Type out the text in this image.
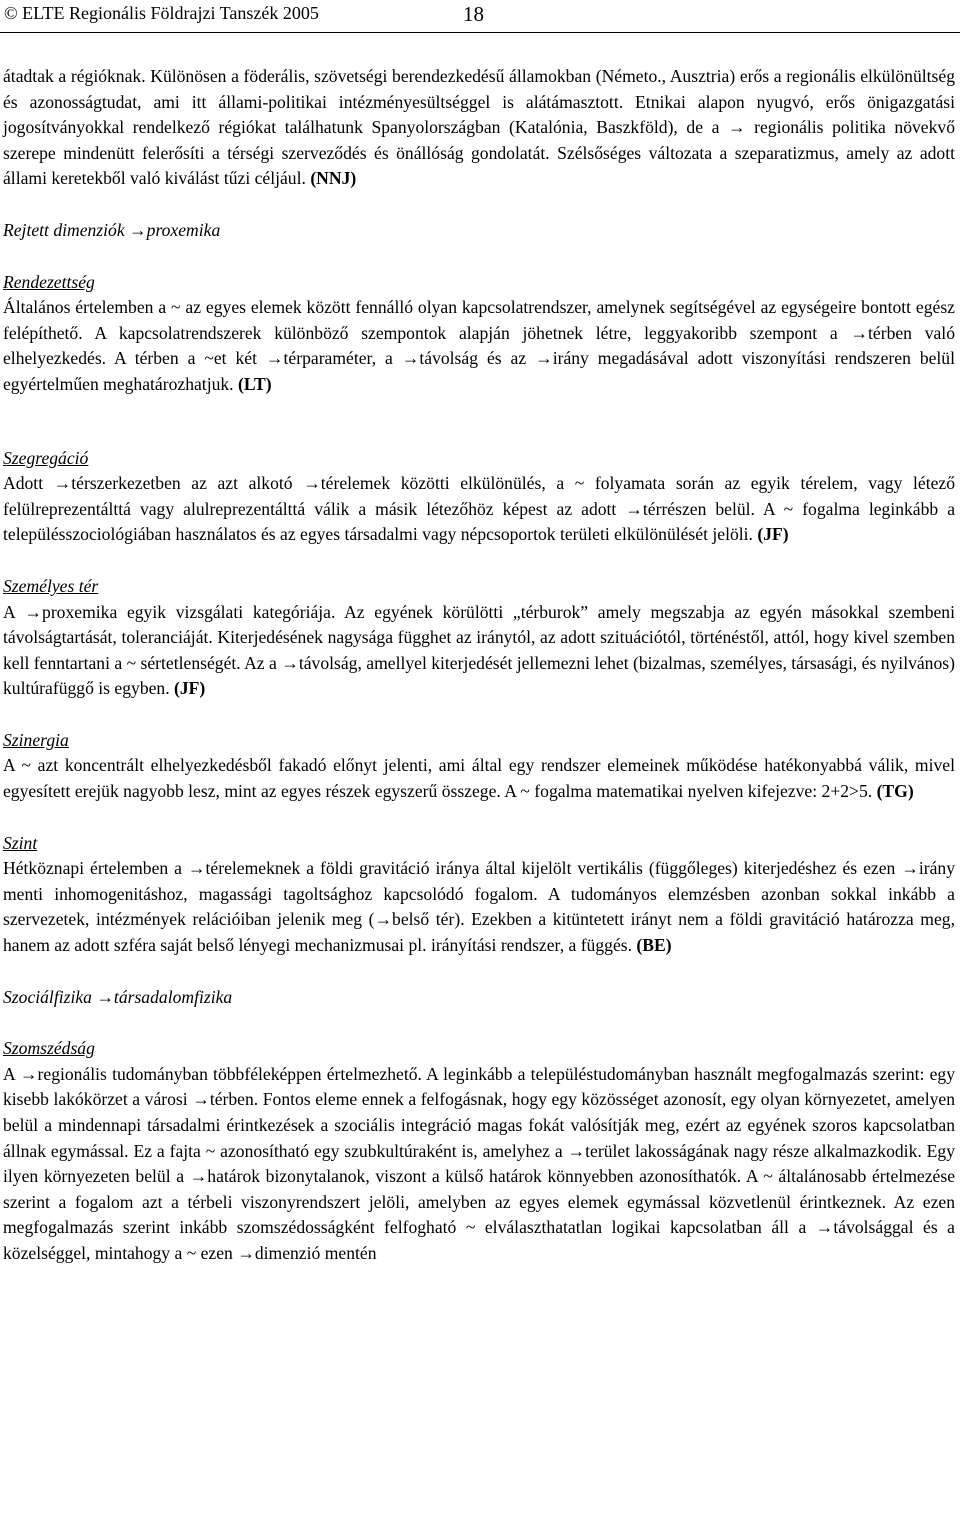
© ELTE Regionális Földrajzi Tanszék 2005	18

átadtak a régióknak. Különösen a föderális, szövetségi berendezkedésű államokban (Németo., Ausztria) erős a regionális elkülönültség és azonosságtudat, ami itt állami-politikai intézményesültséggel is alátámasztott. Etnikai alapon nyugvó, erős önigazgatási jogosítványokkal rendelkező régiókat találhatunk Spanyolországban (Katalónia, Baszkföld), de a → regionális politika növekvő szerepe mindenütt felerősíti a térségi szerveződés és önállóság gondolatát. Szélsőséges változata a szeparatizmus, amely az adott állami keretekből való kiválást tűzi céljául. (NNJ)

Rejtett dimenziók →proxemika

Rendezettség

Általános értelemben a ~ az egyes elemek között fennálló olyan kapcsolatrendszer, amelynek segítségével az egységeire bontott egész felépíthető. A kapcsolatrendszerek különböző szempontok alapján jöhetnek létre, leggyakoribb szempont a →térben való elhelyezkedés. A térben a ~et két →térparaméter, a →távolság és az →irány megadásával adott viszonyítási rendszeren belül egyértelműen meghatározhatjuk. (LT)

Szegregáció

Adott →térszerkezetben az azt alkotó →térelemek közötti elkülönülés, a ~ folyamata során az egyik térelem, vagy létező felülreprezentálttá vagy alulreprezentálttá válik a másik létezőhöz képest az adott →térrészen belül. A ~ fogalma leginkább a településszociológiában használatos és az egyes társadalmi vagy népcsoportok területi elkülönülését jelöli. (JF)

Személyes tér

A →proxemika egyik vizsgálati kategóriája. Az egyének körülötti „térburok” amely megszabja az egyén másokkal szembeni távolságtartását, toleranciáját. Kiterjedésének nagysága függhet az iránytól, az adott szituációtól, történéstől, attól, hogy kivel szemben kell fenntartani a ~ sértetlenségét. Az a →távolság, amellyel kiterjedését jellemezni lehet (bizalmas, személyes, társasági, és nyilvános) kultúrafüggő is egyben. (JF)

Szinergia

A ~ azt koncentrált elhelyezkedésből fakadó előnyt jelenti, ami által egy rendszer elemeinek működése hatékonyabbá válik, mivel egyesített erejük nagyobb lesz, mint az egyes részek egyszerű összege. A ~ fogalma matematikai nyelven kifejezve: 2+2>5. (TG)

Szint

Hétköznapi értelemben a →térelemeknek a földi gravitáció iránya által kijelölt vertikális (függőleges) kiterjedéshez és ezen →irány menti inhomogenitáshoz, magassági tagoltsághoz kapcsolódó fogalom. A tudományos elemzésben azonban sokkal inkább a szervezetek, intézmények relációiban jelenik meg (→belső tér). Ezekben a kitüntetett irányt nem a földi gravitáció határozza meg, hanem az adott szféra saját belső lényegi mechanizmusai pl. irányítási rendszer, a függés. (BE)

Szociálfizika →társadalomfizika

Szomszédság

A →regionális tudományban többféleképpen értelmezhető. A leginkább a településtudományban használt megfogalmazás szerint: egy kisebb lakókörzet a városi →térben. Fontos eleme ennek a felfogásnak, hogy egy közösséget azonosít, egy olyan környezetet, amelyen belül a mindennapi társadalmi érintkezések a szociális integráció magas fokát valósítják meg, ezért az egyének szoros kapcsolatban állnak egymással. Ez a fajta ~ azonosítható egy szubkultúraként is, amelyhez a →terület lakosságának nagy része alkalmazkodik. Egy ilyen környezeten belül a →határok bizonytalanok, viszont a külső határok könnyebben azonosíthatók. A ~ általánosabb értelmezése szerint a fogalom azt a térbeli viszonyrendszert jelöli, amelyben az egyes elemek egymással közvetlenül érintkeznek. Az ezen megfogalmazás szerint inkább szomszédosságként felfogható ~ elválaszthatatlan logikai kapcsolatban áll a →távolsággal és a közelséggel, mintahogy a ~ ezen →dimenzió mentén
